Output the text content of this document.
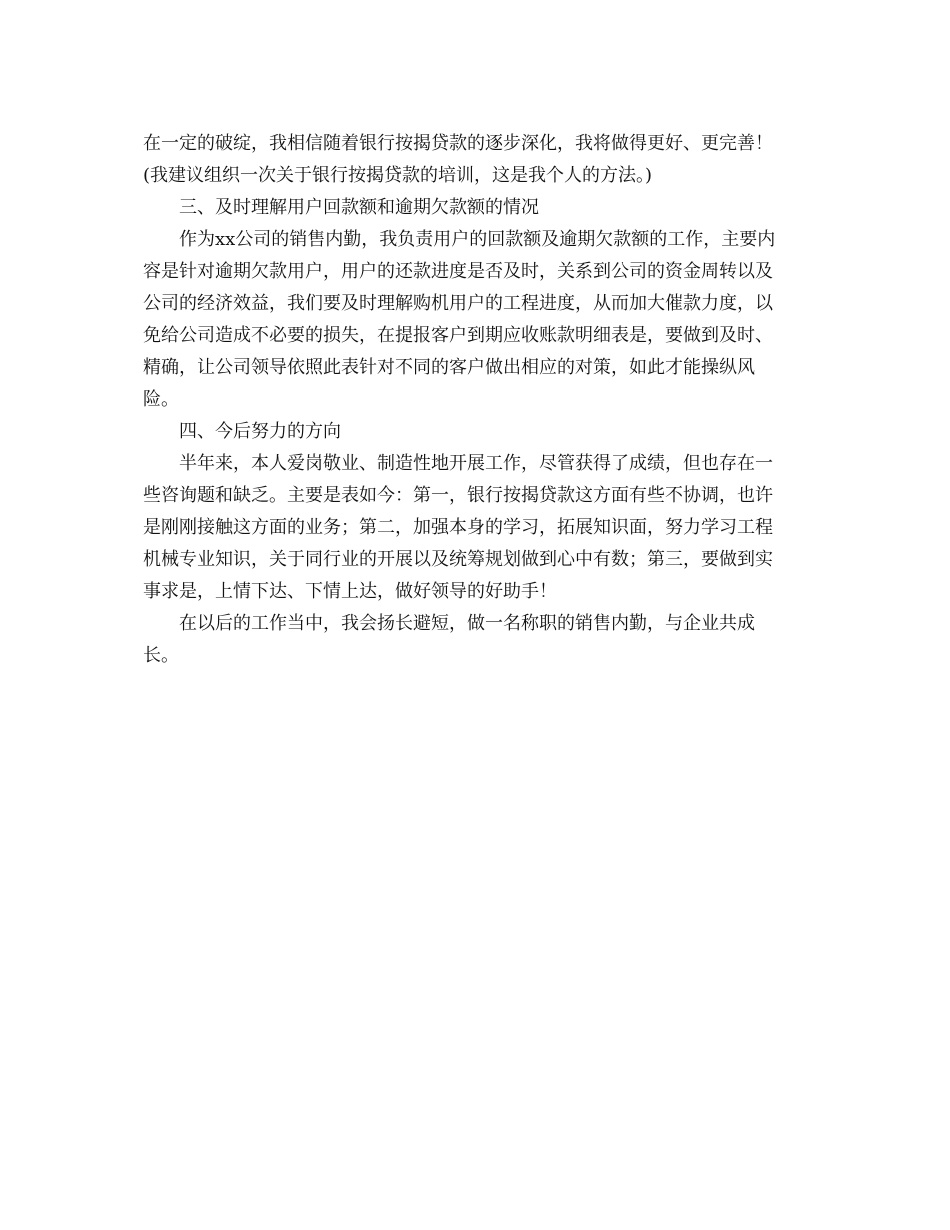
在一定的破绽，我相信随着银行按揭贷款的逐步深化，我将做得更好、更完善！
(我建议组织一次关于银行按揭贷款的培训，这是我个人的方法。)
三、及时理解用户回款额和逾期欠款额的情况
作为xx公司的销售内勤，我负责用户的回款额及逾期欠款额的工作，主要内
容是针对逾期欠款用户，用户的还款进度是否及时，关系到公司的资金周转以及
公司的经济效益，我们要及时理解购机用户的工程进度，从而加大催款力度，以
免给公司造成不必要的损失，在提报客户到期应收账款明细表是，要做到及时、
精确，让公司领导依照此表针对不同的客户做出相应的对策，如此才能操纵风
险。
四、今后努力的方向
半年来，本人爱岗敬业、制造性地开展工作，尽管获得了成绩，但也存在一
些咨询题和缺乏。主要是表如今：第一，银行按揭贷款这方面有些不协调，也许
是刚刚接触这方面的业务；第二，加强本身的学习，拓展知识面，努力学习工程
机械专业知识，关于同行业的开展以及统筹规划做到心中有数；第三，要做到实
事求是，上情下达、下情上达，做好领导的好助手！
在以后的工作当中，我会扬长避短，做一名称职的销售内勤，与企业共成
长。
